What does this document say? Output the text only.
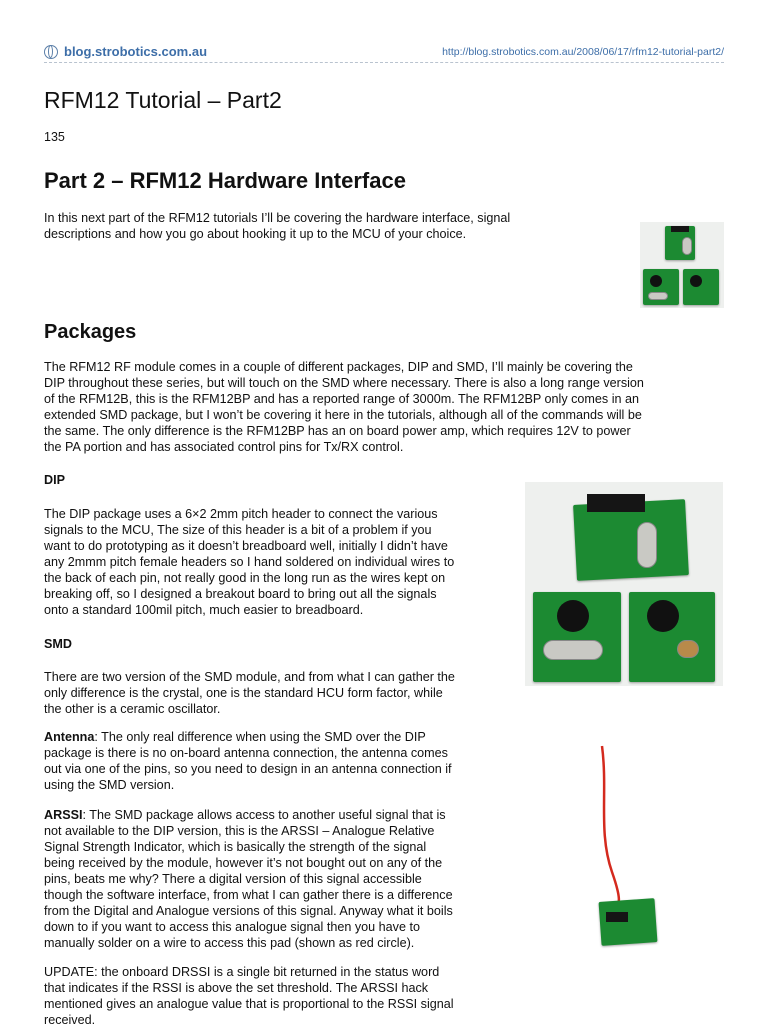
blog.strobotics.com.au	http://blog.strobotics.com.au/2008/06/17/rfm12-tutorial-part2/
RFM12 Tutorial – Part2
135
Part 2 – RFM12 Hardware Interface
In this next part of the RFM12 tutorials I’ll be covering the hardware interface, signal
descriptions and how you go about hooking it up to the MCU of your choice.
Packages
The RFM12 RF module comes in a couple of different packages, DIP and SMD, I’ll mainly be covering the
DIP throughout these series, but will touch on the SMD where necessary. There is also a long range version
of the RFM12B, this is the RFM12BP and has a reported range of 3000m. The RFM12BP only comes in an
extended SMD package, but I won’t be covering it here in the tutorials, although all of the commands will be
the same. The only difference is the RFM12BP has an on board power amp, which requires 12V to power
the PA portion and has associated control pins for Tx/RX control.
DIP
The DIP package uses a 6×2 2mm pitch header to connect the various
signals to the MCU, The size of this header is a bit of a problem if you
want to do prototyping as it doesn’t breadboard well, initially I didn’t have
any 2mmm pitch female headers so I hand soldered on individual wires to
the back of each pin, not really good in the long run as the wires kept on
breaking off, so I designed a breakout board to bring out all the signals
onto a standard 100mil pitch, much easier to breadboard.
SMD
There are two version of the SMD module, and from what I can gather the
only difference is the crystal, one is the standard HCU form factor, while
the other is a ceramic oscillator.
Antenna: The only real difference when using the SMD over the DIP
package is there is no on-board antenna connection, the antenna comes
out via one of the pins, so you need to design in an antenna connection if
using the SMD version.
ARSSI: The SMD package allows access to another useful signal that is
not available to the DIP version, this is the ARSSI – Analogue Relative
Signal Strength Indicator, which is basically the strength of the signal
being received by the module, however it’s not bought out on any of the
pins, beats me why? There a digital version of this signal accessible
though the software interface, from what I can gather there is a difference
from the Digital and Analogue versions of this signal. Anyway what it boils
down to if you want to access this analogue signal then you have to
manually solder on a wire to access this pad (shown as red circle).
UPDATE: the onboard DRSSI is a single bit returned in the status word
that indicates if the RSSI is above the set threshold. The ARSSI hack
mentioned gives an analogue value that is proportional to the RSSI signal
received.
